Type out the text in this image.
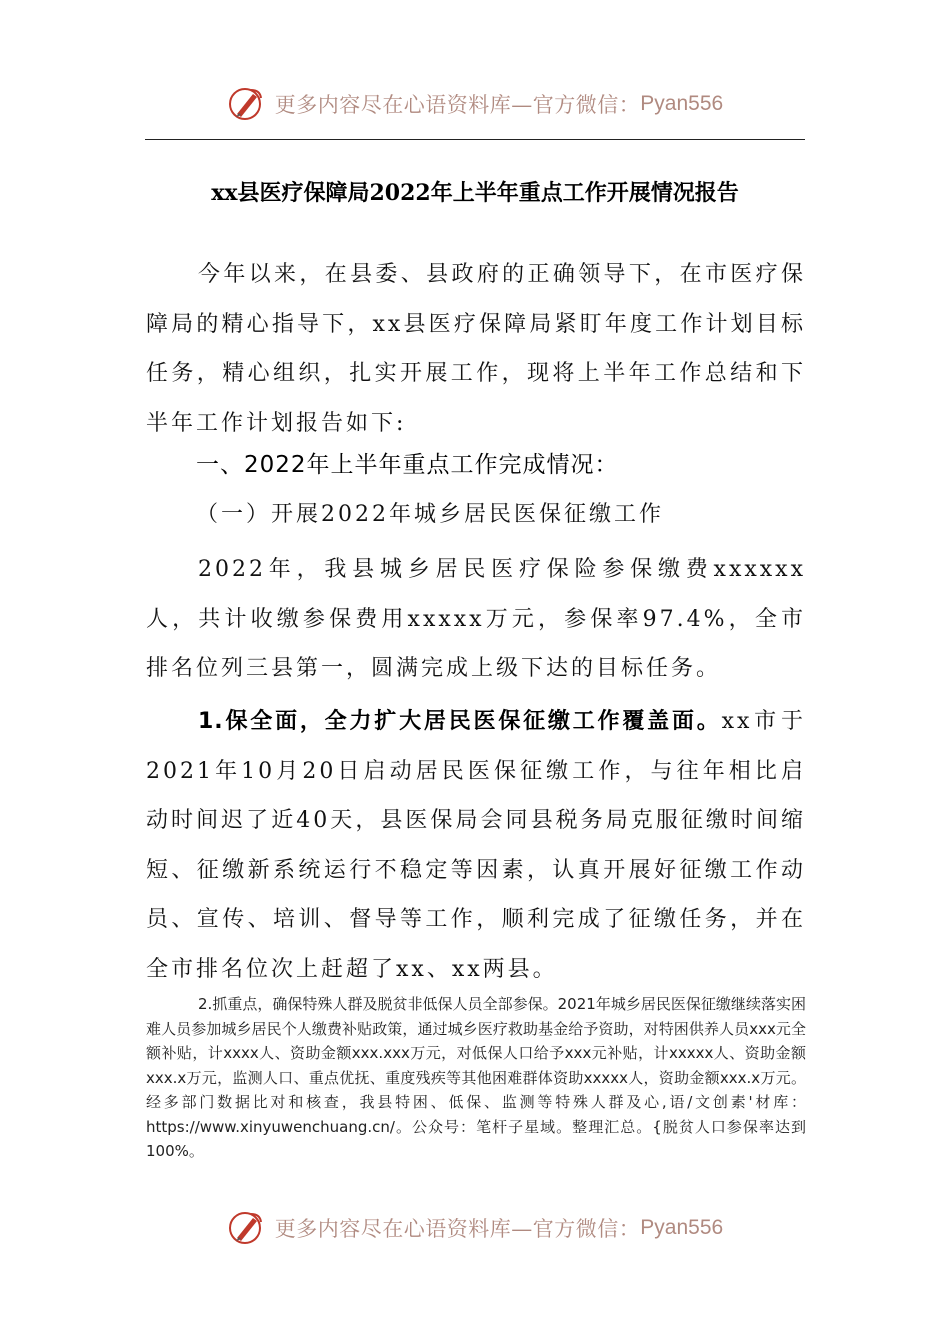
更多内容尽在心语资料库—官方微信： Pyan556
xx县医疗保障局2022年上半年重点工作开展情况报告
今年以来，在县委、县政府的正确领导下，在市医疗保障局的精心指导下，xx县医疗保障局紧盯年度工作计划目标任务，精心组织，扎实开展工作，现将上半年工作总结和下半年工作计划报告如下:
一、2022年上半年重点工作完成情况：
（一）开展2022年城乡居民医保征缴工作
2022年，我县城乡居民医疗保险参保缴费xxxxxx人，共计收缴参保费用xxxxx万元，参保率97.4%，全市排名位列三县第一，圆满完成上级下达的目标任务。
1.保全面，全力扩大居民医保征缴工作覆盖面。xx市于2021年10月20日启动居民医保征缴工作，与往年相比启动时间迟了近40天，县医保局会同县税务局克服征缴时间缩短、征缴新系统运行不稳定等因素，认真开展好征缴工作动员、宣传、培训、督导等工作，顺利完成了征缴任务，并在全市排名位次上赶超了xx、xx两县。
2.抓重点，确保特殊人群及脱贫非低保人员全部参保。2021年城乡居民医保征缴继续落实困难人员参加城乡居民个人缴费补贴政策，通过城乡医疗救助基金给予资助，对特困供养人员xxx元全额补贴，计xxxx人、资助金额xxx.xxx万元，对低保人口给予xxx元补贴，计xxxxx人、资助金额xxx.x万元，监测人口、重点优抚、重度残疾等其他困难群体资助xxxxx人，资助金额xxx.x万元。经多部门数据比对和核查，我县特困、低保、监测等特殊人群及心,语/文创素'材库：https://www.xinyuwenchuang.cn/。公众号：笔杆子星域。整理汇总。{脱贫人口参保率达到100%。
更多内容尽在心语资料库—官方微信： Pyan556
